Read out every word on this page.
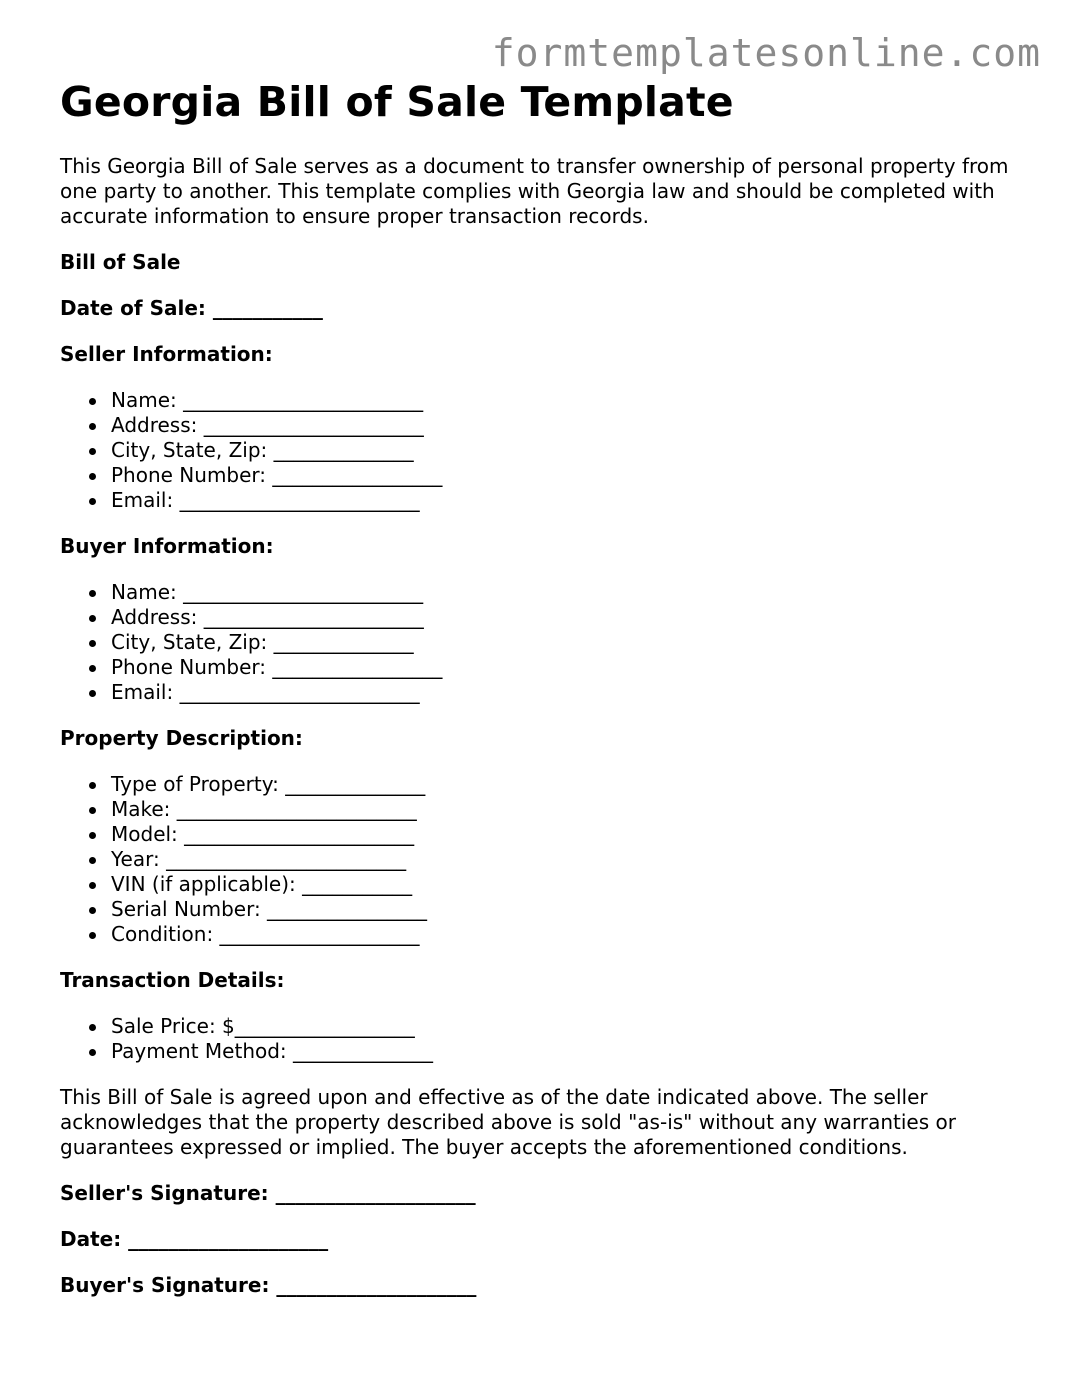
formtemplatesonline.com
Georgia Bill of Sale Template

This Georgia Bill of Sale serves as a document to transfer ownership of personal property from one party to another. This template complies with Georgia law and should be completed with accurate information to ensure proper transaction records.

Bill of Sale

Date of Sale: ___________

Seller Information:

Name: ________________________
Address: ______________________
City, State, Zip: ______________
Phone Number: _________________
Email: ________________________

Buyer Information:

Name: ________________________
Address: ______________________
City, State, Zip: ______________
Phone Number: _________________
Email: ________________________

Property Description:

Type of Property: ______________
Make: ________________________
Model: _______________________
Year: ________________________
VIN (if applicable): ___________
Serial Number: ________________
Condition: ____________________

Transaction Details:

Sale Price: $__________________
Payment Method: ______________

This Bill of Sale is agreed upon and effective as of the date indicated above. The seller acknowledges that the property described above is sold "as-is" without any warranties or guarantees expressed or implied. The buyer accepts the aforementioned conditions.

Seller's Signature: ____________________

Date: ____________________

Buyer's Signature: ____________________
